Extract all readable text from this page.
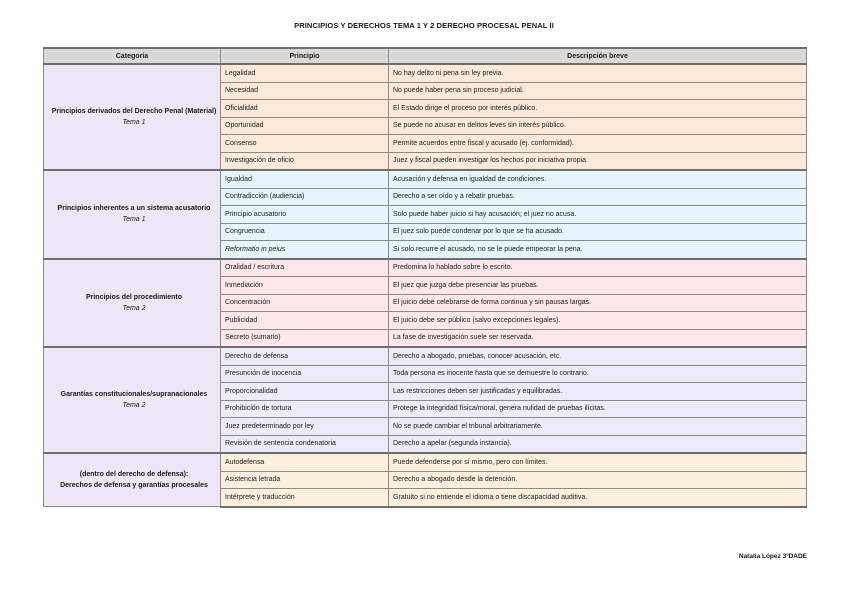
PRINCIPIOS Y DERECHOS TEMA 1 Y 2 DERECHO PROCESAL PENAL II
Categoría	Principio	Descripción breve
Principios derivados del Derecho Penal (Material)
Tema 1	Legalidad	No hay delito ni pena sin ley previa.
	Necesidad	No puede haber pena sin proceso judicial.
	Oficialidad	El Estado dirige el proceso por interés público.
	Oportunidad	Se puede no acusar en delitos leves sin interés público.
	Consenso	Permite acuerdos entre fiscal y acusado (ej. conformidad).
	Investigación de oficio	Juez y fiscal pueden investigar los hechos por iniciativa propia.
Principios inherentes a un sistema acusatorio
Tema 1	Igualdad	Acusación y defensa en igualdad de condiciones.
	Contradicción (audiencia)	Derecho a ser oído y a rebatir pruebas.
	Principio acusatorio	Solo puede haber juicio si hay acusación; el juez no acusa.
	Congruencia	El juez solo puede condenar por lo que se ha acusado.
	Reformatio in peius	Si solo recurre el acusado, no se le puede empeorar la pena.
Principios del procedimiento
Tema 2	Oralidad / escritura	Predomina lo hablado sobre lo escrito.
	Inmediación	El juez que juzga debe presenciar las pruebas.
	Concentración	El juicio debe celebrarse de forma continua y sin pausas largas.
	Publicidad	El juicio debe ser público (salvo excepciones legales).
	Secreto (sumario)	La fase de investigación suele ser reservada.
Garantías constitucionales/supranacionales
Tema 2	Derecho de defensa	Derecho a abogado, pruebas, conocer acusación, etc.
	Presunción de inocencia	Toda persona es inocente hasta que se demuestre lo contrario.
	Proporcionalidad	Las restricciones deben ser justificadas y equilibradas.
	Prohibición de tortura	Protege la integridad física/moral, genera nulidad de pruebas ilícitas.
	Juez predeterminado por ley	No se puede cambiar el tribunal arbitrariamente.
	Revisión de sentencia condenatoria	Derecho a apelar (segunda instancia).

(dentro del derecho de defensa):
Derechos de defensa y garantías procesales	Autodefensa	Puede defenderse por sí mismo, pero con límites.
	Asistencia letrada	Derecho a abogado desde la detención.
	Intérprete y traducción	Gratuito si no entiende el idioma o tiene discapacidad auditiva.
Natalia López 3ºDADE
